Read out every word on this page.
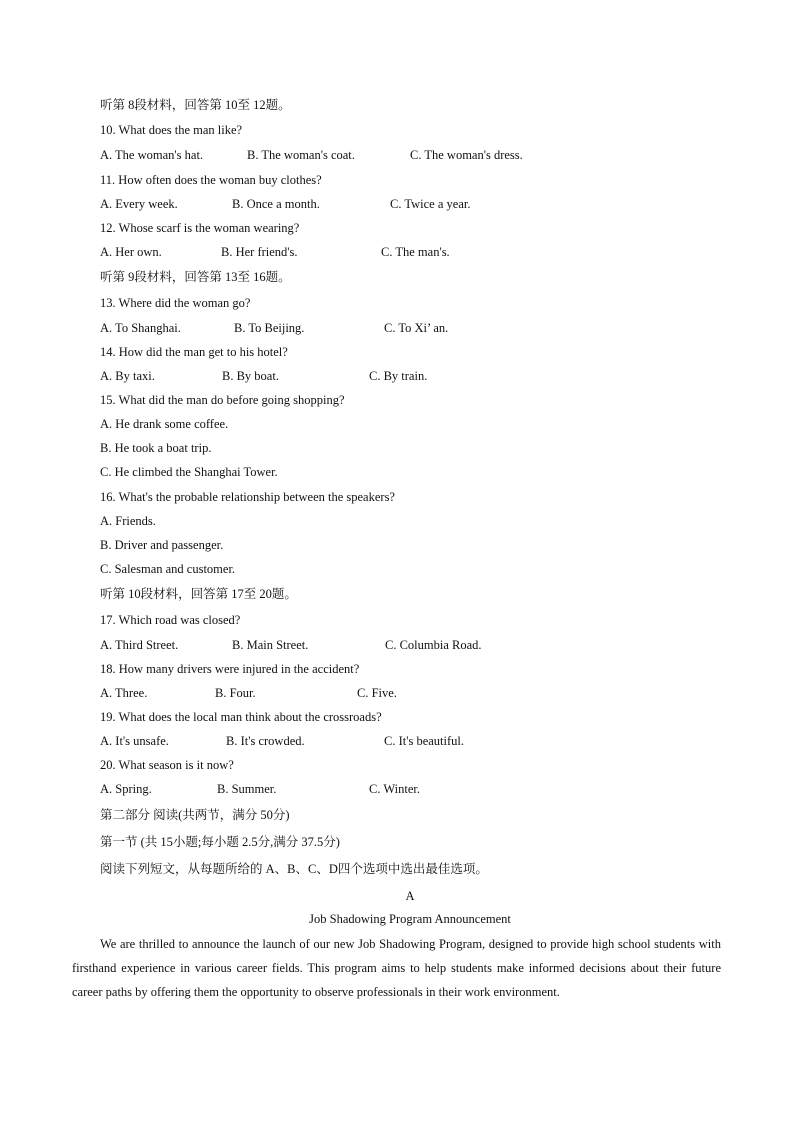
听第 8段材料，回答第 10至 12题。
10. What does the man like?
A. The woman's hat.	B. The woman's coat.	C. The woman's dress.
11. How often does the woman buy clothes?
A. Every week.	B. Once a month.	C. Twice a year.
12. Whose scarf is the woman wearing?
A. Her own.	B. Her friend's.	C. The man's.
听第 9段材料，回答第 13至 16题。
13. Where did the woman go?
A. To Shanghai.	B. To Beijing.	C. To Xi’ an.
14. How did the man get to his hotel?
A. By taxi.	B. By boat.	C. By train.
15. What did the man do before going shopping?
A. He drank some coffee.
B. He took a boat trip.
C. He climbed the Shanghai Tower.
16. What's the probable relationship between the speakers?
A. Friends.
B. Driver and passenger.
C. Salesman and customer.
听第 10段材料，回答第 17至 20题。
17. Which road was closed?
A. Third Street.	B. Main Street.	C. Columbia Road.
18. How many drivers were injured in the accident?
A. Three.	B. Four.	C. Five.
19. What does the local man think about the crossroads?
A. It's unsafe.	B. It's crowded.	C. It's beautiful.
20. What season is it now?
A. Spring.	B. Summer.	C. Winter.
第二部分 阅读(共两节，满分 50分)
第一节 (共 15小题;每小题 2.5分,满分 37.5分)
阅读下列短文，从每题所给的 A、B、C、D四个选项中选出最佳选项。
A
Job Shadowing Program Announcement
We are thrilled to announce the launch of our new Job Shadowing Program, designed to provide high school students with firsthand experience in various career fields. This program aims to help students make informed decisions about their future career paths by offering them the opportunity to observe professionals in their work environment.
